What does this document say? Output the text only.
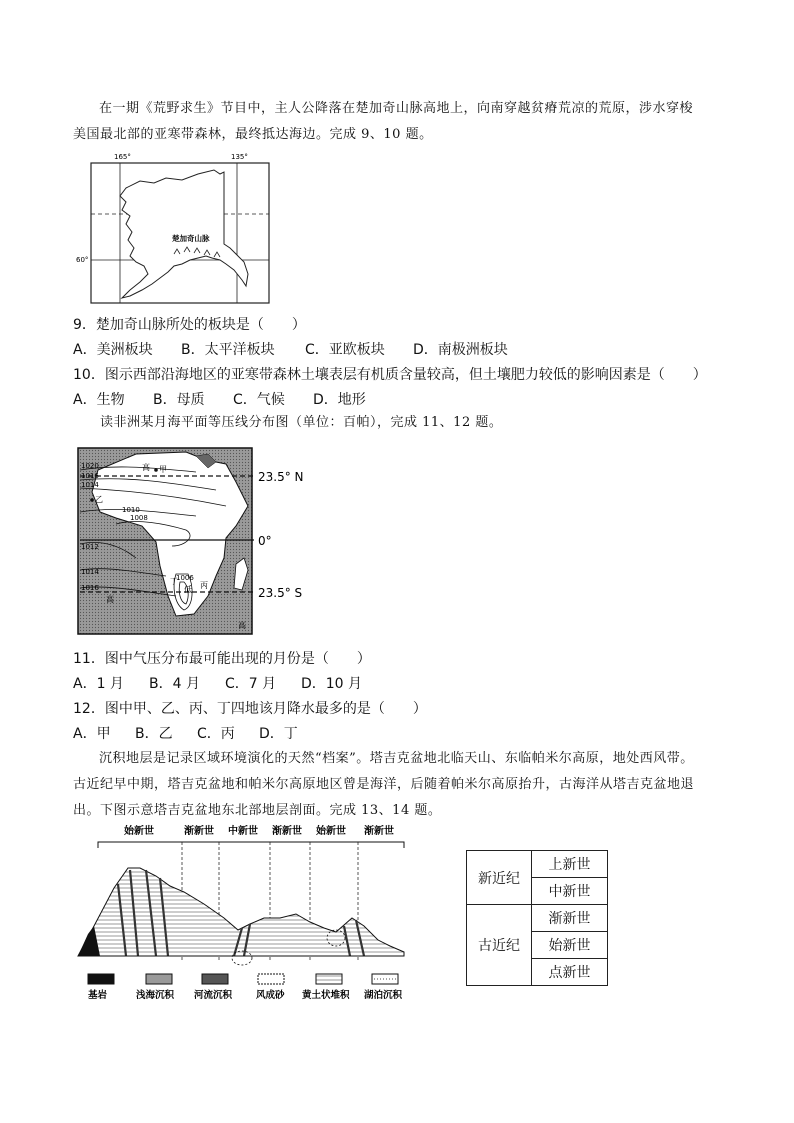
在一期《荒野求生》节目中，主人公降落在楚加奇山脉高地上，向南穿越贫瘠荒凉的荒原，涉水穿梭
美国最北部的亚寒带森林，最终抵达海边。完成 9、10 题。
165°	135°
60°
楚加奇山脉
9．楚加奇山脉所处的板块是（　　）
A．美洲板块 B．太平洋板块 C．亚欧板块 D．南极洲板块
10．图示西部沿海地区的亚寒带森林土壤表层有机质含量较高，但土壤肥力较低的影响因素是（　　）
A．生物 B．母质 C．气候 D．地形
读非洲某月海平面等压线分布图（单位：百帕），完成 11、12 题。
23.5° N
0°
23.5° S
1020
1016
1014
1012
1010
1008
1006
1014
1016
高 甲
乙
丙
丁
低
高
高
11．图中气压分布最可能出现的月份是（　　）
A．1 月 B．4 月 C．7 月 D．10 月
12．图中甲、乙、丙、丁四地该月降水最多的是（　　）
A．甲 B．乙 C．丙 D．丁
沉积地层是记录区域环境演化的天然“档案”。塔吉克盆地北临天山、东临帕米尔高原，地处西风带。
古近纪早中期，塔吉克盆地和帕米尔高原地区曾是海洋，后随着帕米尔高原抬升，古海洋从塔吉克盆地退
出。下图示意塔吉克盆地东北部地层剖面。完成 13、14 题。
始新世	渐新世 中新世 渐新世 始新世 渐新世
基岩	浅海沉积 河流沉积	风成砂 黄土状堆积 湖泊沉积
新近纪	上新世
	中新世
古近纪	渐新世
	始新世
	点新世
